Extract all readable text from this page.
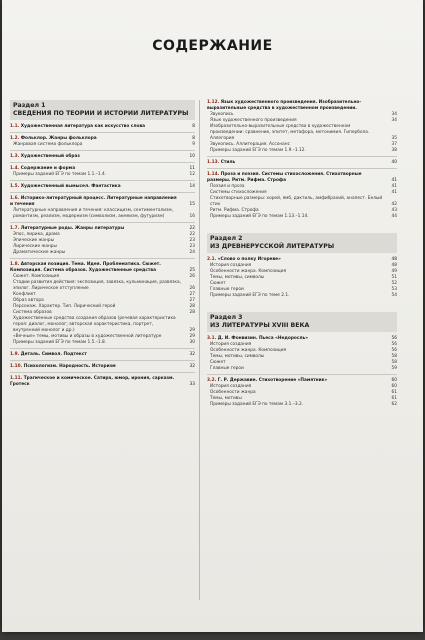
СОДЕРЖАНИЕ
Раздел 1
СВЕДЕНИЯ ПО ТЕОРИИ И ИСТОРИИ ЛИТЕРАТУРЫ
1.1. Художественная литература как искусство слова	8
1.2. Фольклор. Жанры фольклора	8
Жанровая система фольклора	9
1.3. Художественный образ	10
1.4. Содержание и форма	11
Примеры заданий ЕГЭ по темам 1.1.–1.4.	12
1.5. Художественный вымысел. Фантастика	14
1.6. Историко-литературный процесс. Литературные направления и течения	15
Литературные направления и течения: классицизм, сентиментализм, романтизм, реализм, модернизм (символизм, акмеизм, футуризм)	16
1.7. Литературные роды. Жанры литературы	22
Эпос, лирика, драма	22
Эпические жанры	23
Лирические жанры	23
Драматические жанры	24
1.8. Авторская позиция. Тема. Идея. Проблематика. Сюжет. Композиция. Система образов. Художественные средства	25
Сюжет. Композиция	26
Стадии развития действия: экспозиция, завязка, кульминация, развязка, эпилог. Лирическое отступление	26
Конфликт	27
Образ автора	27
Персонаж. Характер. Тип. Лирический герой	28
Система образов	28
Художественные средства создания образов (речевая характеристика героя: диалог, монолог; авторская характеристика, портрет, внутренний монолог и др.)	29
«Вечные» темы, мотивы и образы в художественной литературе	29
Примеры заданий ЕГЭ по темам 1.5.–1.8.	30
1.9. Деталь. Символ. Подтекст	32
1.10. Психологизм. Народность. Историзм	32
1.11. Трагическое и комическое. Сатира, юмор, ирония, сарказм. Гротеск	33
1.12. Язык художественного произведения. Изобразительно-выразительные средства в художественном произведении.
Звукопись	34
Язык художественного произведения	34
Изобразительно-выразительные средства в художественном произведении: сравнение, эпитет, метафора, метонимия. Гипербола. Аллегория	35
Звукопись. Аллитерация. Ассонанс	37
Примеры заданий ЕГЭ по темам 1.9.–1.12.	38
1.13. Стиль	40
1.14. Проза и поэзия. Системы стихосложения. Стихотворные размеры. Ритм. Рифма. Строфа	41
Поэзия и проза	41
Системы стихосложения	41
Стихотворные размеры: хорей, ямб, дактиль, амфибрахий, анапест. Белый стих	42
Ритм. Рифма. Строфа	43
Примеры заданий ЕГЭ по темам 1.13.–1.14.	44
Раздел 2
ИЗ ДРЕВНЕРУССКОЙ ЛИТЕРАТУРЫ
2.1. «Слово о полку Игореве»	48
История создания	48
Особенности жанра. Композиция	49
Темы, мотивы, символы	51
Сюжет	52
Главные герои	53
Примеры заданий ЕГЭ по теме 2.1.	54
Раздел 3
ИЗ ЛИТЕРАТУРЫ XVIII ВЕКА
3.1. Д. И. Фонвизин. Пьеса «Недоросль»	56
История создания	56
Особенности жанра. Композиция	56
Темы, мотивы, символы	58
Сюжет	58
Главные герои	59
3.2. Г. Р. Державин. Стихотворение «Памятник»	60
История создания	60
Особенности жанра	61
Темы, мотивы	61
Примеры заданий ЕГЭ по темам 3.1.–3.2.	62
